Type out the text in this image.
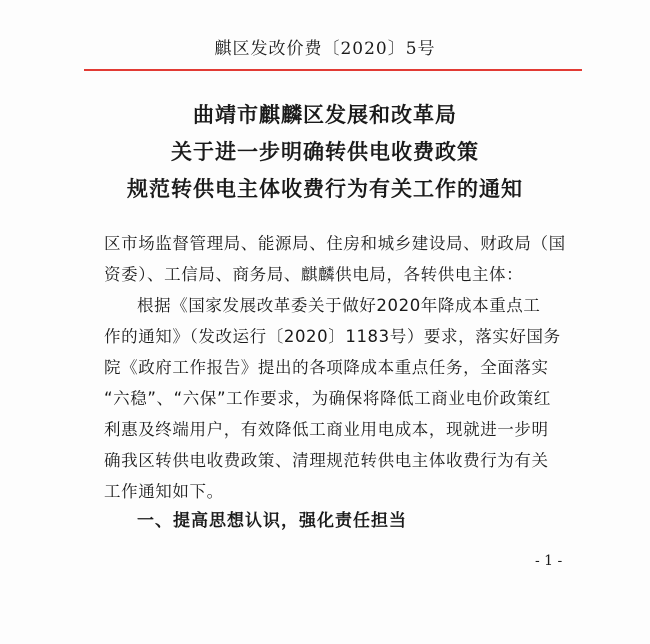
麒区发改价费〔2020〕5号
曲靖市麒麟区发展和改革局
关于进一步明确转供电收费政策
规范转供电主体收费行为有关工作的通知
区市场监督管理局、能源局、住房和城乡建设局、财政局（国
资委）、工信局、商务局、麒麟供电局，各转供电主体：
根据《国家发展改革委关于做好2020年降成本重点工
作的通知》（发改运行〔2020〕1183号）要求，落实好国务
院《政府工作报告》提出的各项降成本重点任务，全面落实
“六稳”、“六保”工作要求，为确保将降低工商业电价政策红
利惠及终端用户，有效降低工商业用电成本，现就进一步明
确我区转供电收费政策、清理规范转供电主体收费行为有关
工作通知如下。
一、提高思想认识，强化责任担当
- 1 -
